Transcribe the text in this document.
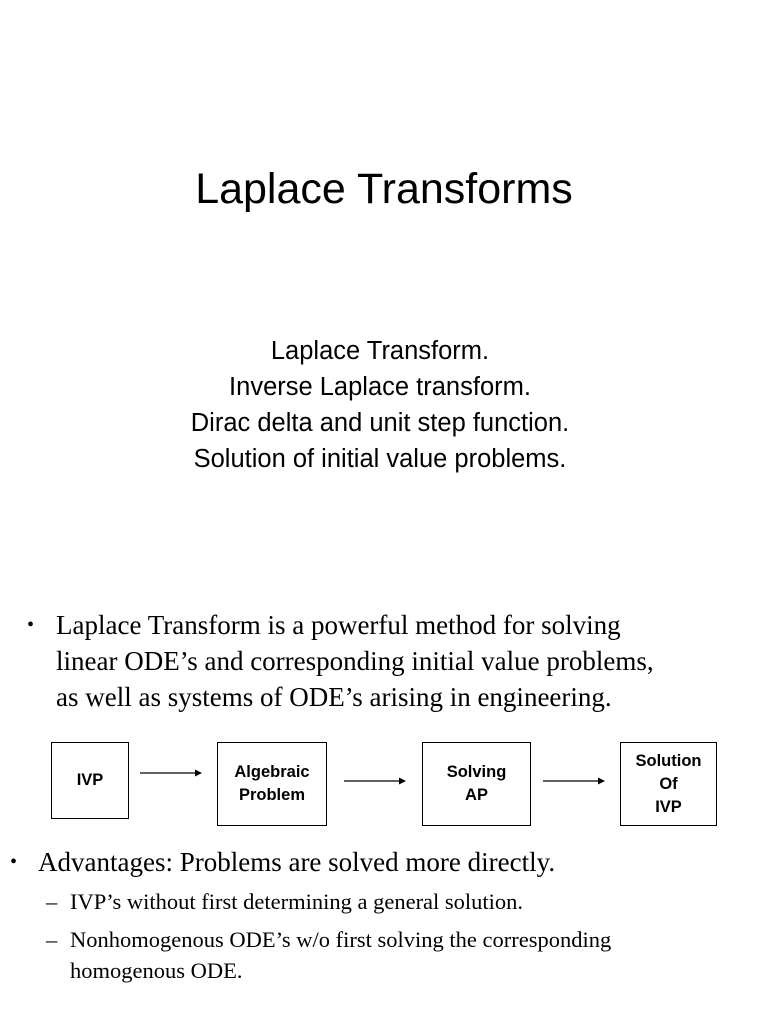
Laplace Transforms
Laplace Transform.
Inverse Laplace transform.
Dirac delta and unit step function.
Solution of initial value problems.
• Laplace Transform is a powerful method for solving
linear ODE’s and corresponding initial value problems,
as well as systems of ODE’s arising in engineering.
IVP	Algebraic
Problem
Solving
AP
Solution
Of
IVP
• Advantages: Problems are solved more directly.
– IVP’s without first determining a general solution.
– Nonhomogenous ODE’s w/o first solving the corresponding
homogenous ODE.
